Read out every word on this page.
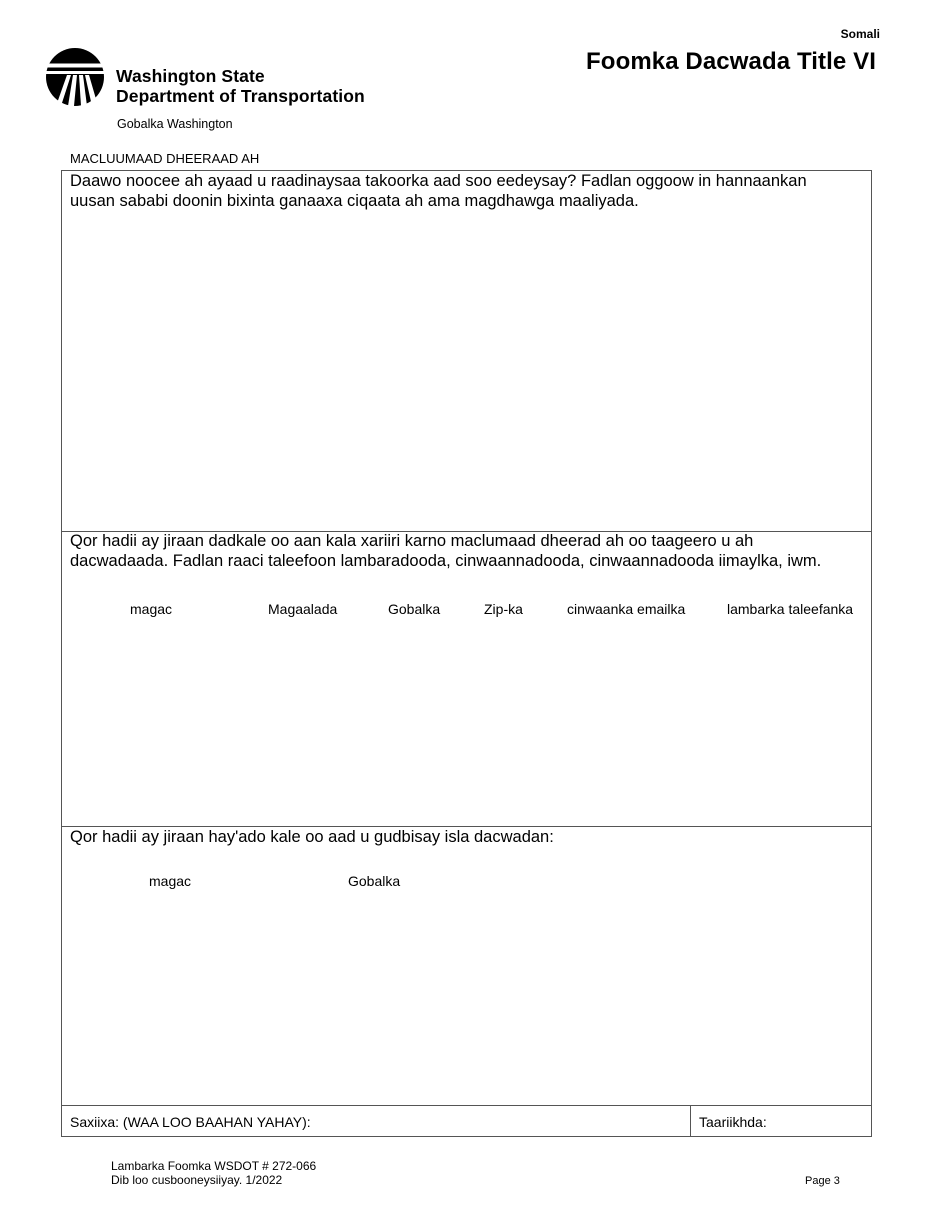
Somali
Foomka Dacwada Title VI
Washington State
Department of Transportation
Gobalka Washington
MACLUUMAAD DHEERAAD AH
Daawo noocee ah ayaad u raadinaysaa takoorka aad soo eedeysay? Fadlan oggoow in hannaankan uusan sababi doonin bixinta ganaaxa ciqaata ah ama magdhawga maaliyada.
Qor hadii ay jiraan dadkale oo aan kala xariiri karno maclumaad dheerad ah oo taageero u ah dacwadaada. Fadlan raaci taleefoon lambaradooda, cinwaannadooda, cinwaannadooda iimaylka, iwm.
magac	Magaalada	Gobalka	Zip-ka	cinwaanka emailka	lambarka taleefanka
Qor hadii ay jiraan hay'ado kale oo aad u gudbisay isla dacwadan:
magac	Gobalka
Saxiixa: (WAA LOO BAAHAN YAHAY):	Taariikhda:
Lambarka Foomka WSDOT # 272-066
Dib loo cusbooneysiiyay. 1/2022	Page 3
